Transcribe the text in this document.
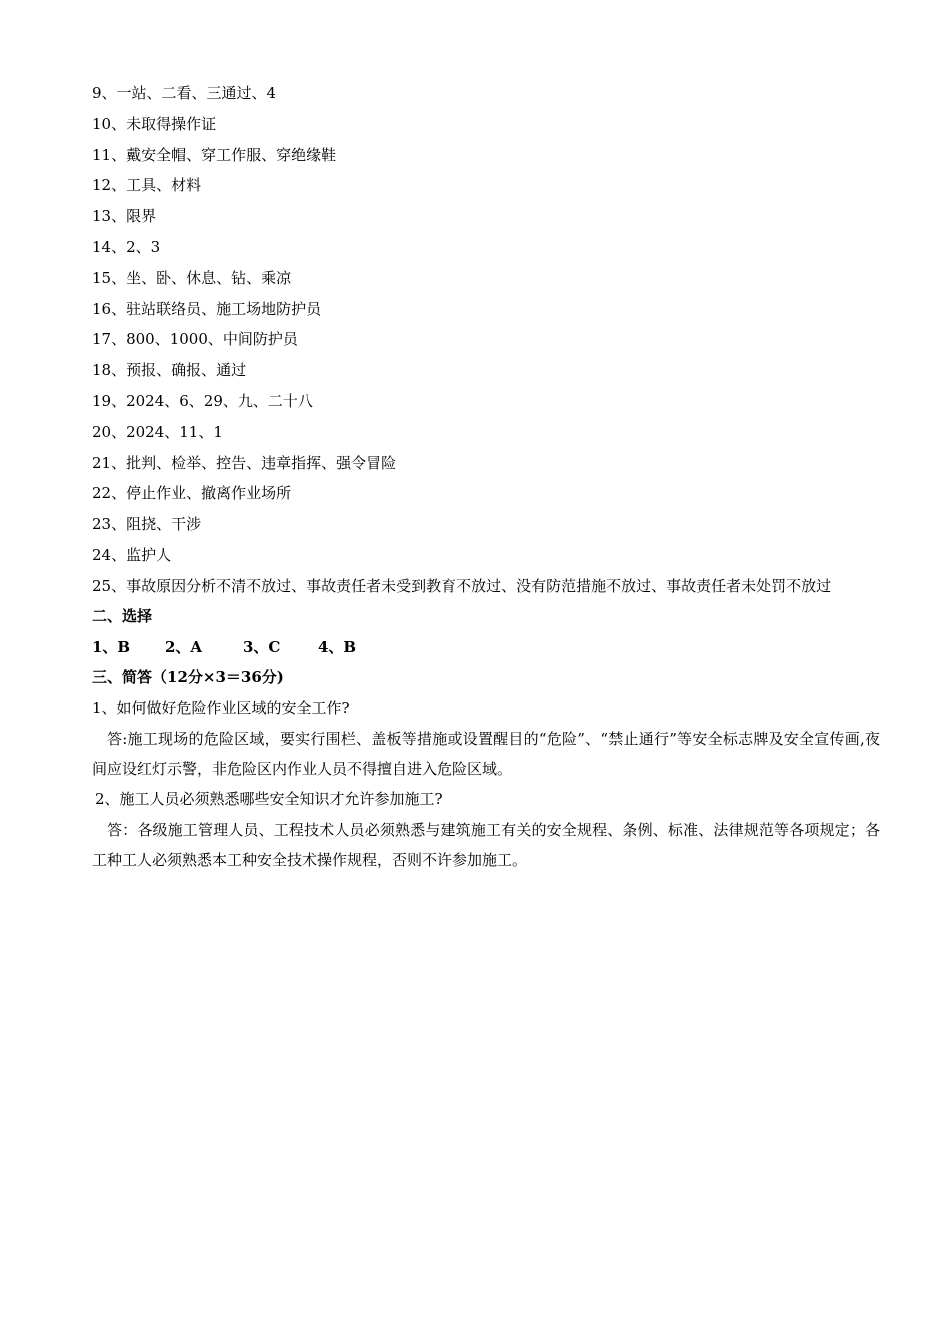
9、一站、二看、三通过、4
10、未取得操作证
11、戴安全帽、穿工作服、穿绝缘鞋
12、工具、材料
13、限界
14、2、3
15、坐、卧、休息、钻、乘凉
16、驻站联络员、施工场地防护员
17、800、1000、中间防护员
18、预报、确报、通过
19、2024、6、29、九、二十八
20、2024、11、1
21、批判、检举、控告、违章指挥、强令冒险
22、停止作业、撤离作业场所
23、阻挠、干涉
24、监护人
25、事故原因分析不清不放过、事故责任者未受到教育不放过、没有防范措施不放过、事故责任者未处罚不放过
二、选择
1、B 2、A	3、C	4、B
三、简答（12分×3＝36分)
1、如何做好危险作业区域的安全工作?
答:施工现场的危险区域，要实行围栏、盖板等措施或设置醒目的“危险”、“禁止通行”等安全标志牌及安全宣传画,夜间应设红灯示警，非危险区内作业人员不得擅自进入危险区域。
2、施工人员必须熟悉哪些安全知识才允许参加施工?
答：各级施工管理人员、工程技术人员必须熟悉与建筑施工有关的安全规程、条例、标准、法律规范等各项规定；各工种工人必须熟悉本工种安全技术操作规程，否则不许参加施工。
